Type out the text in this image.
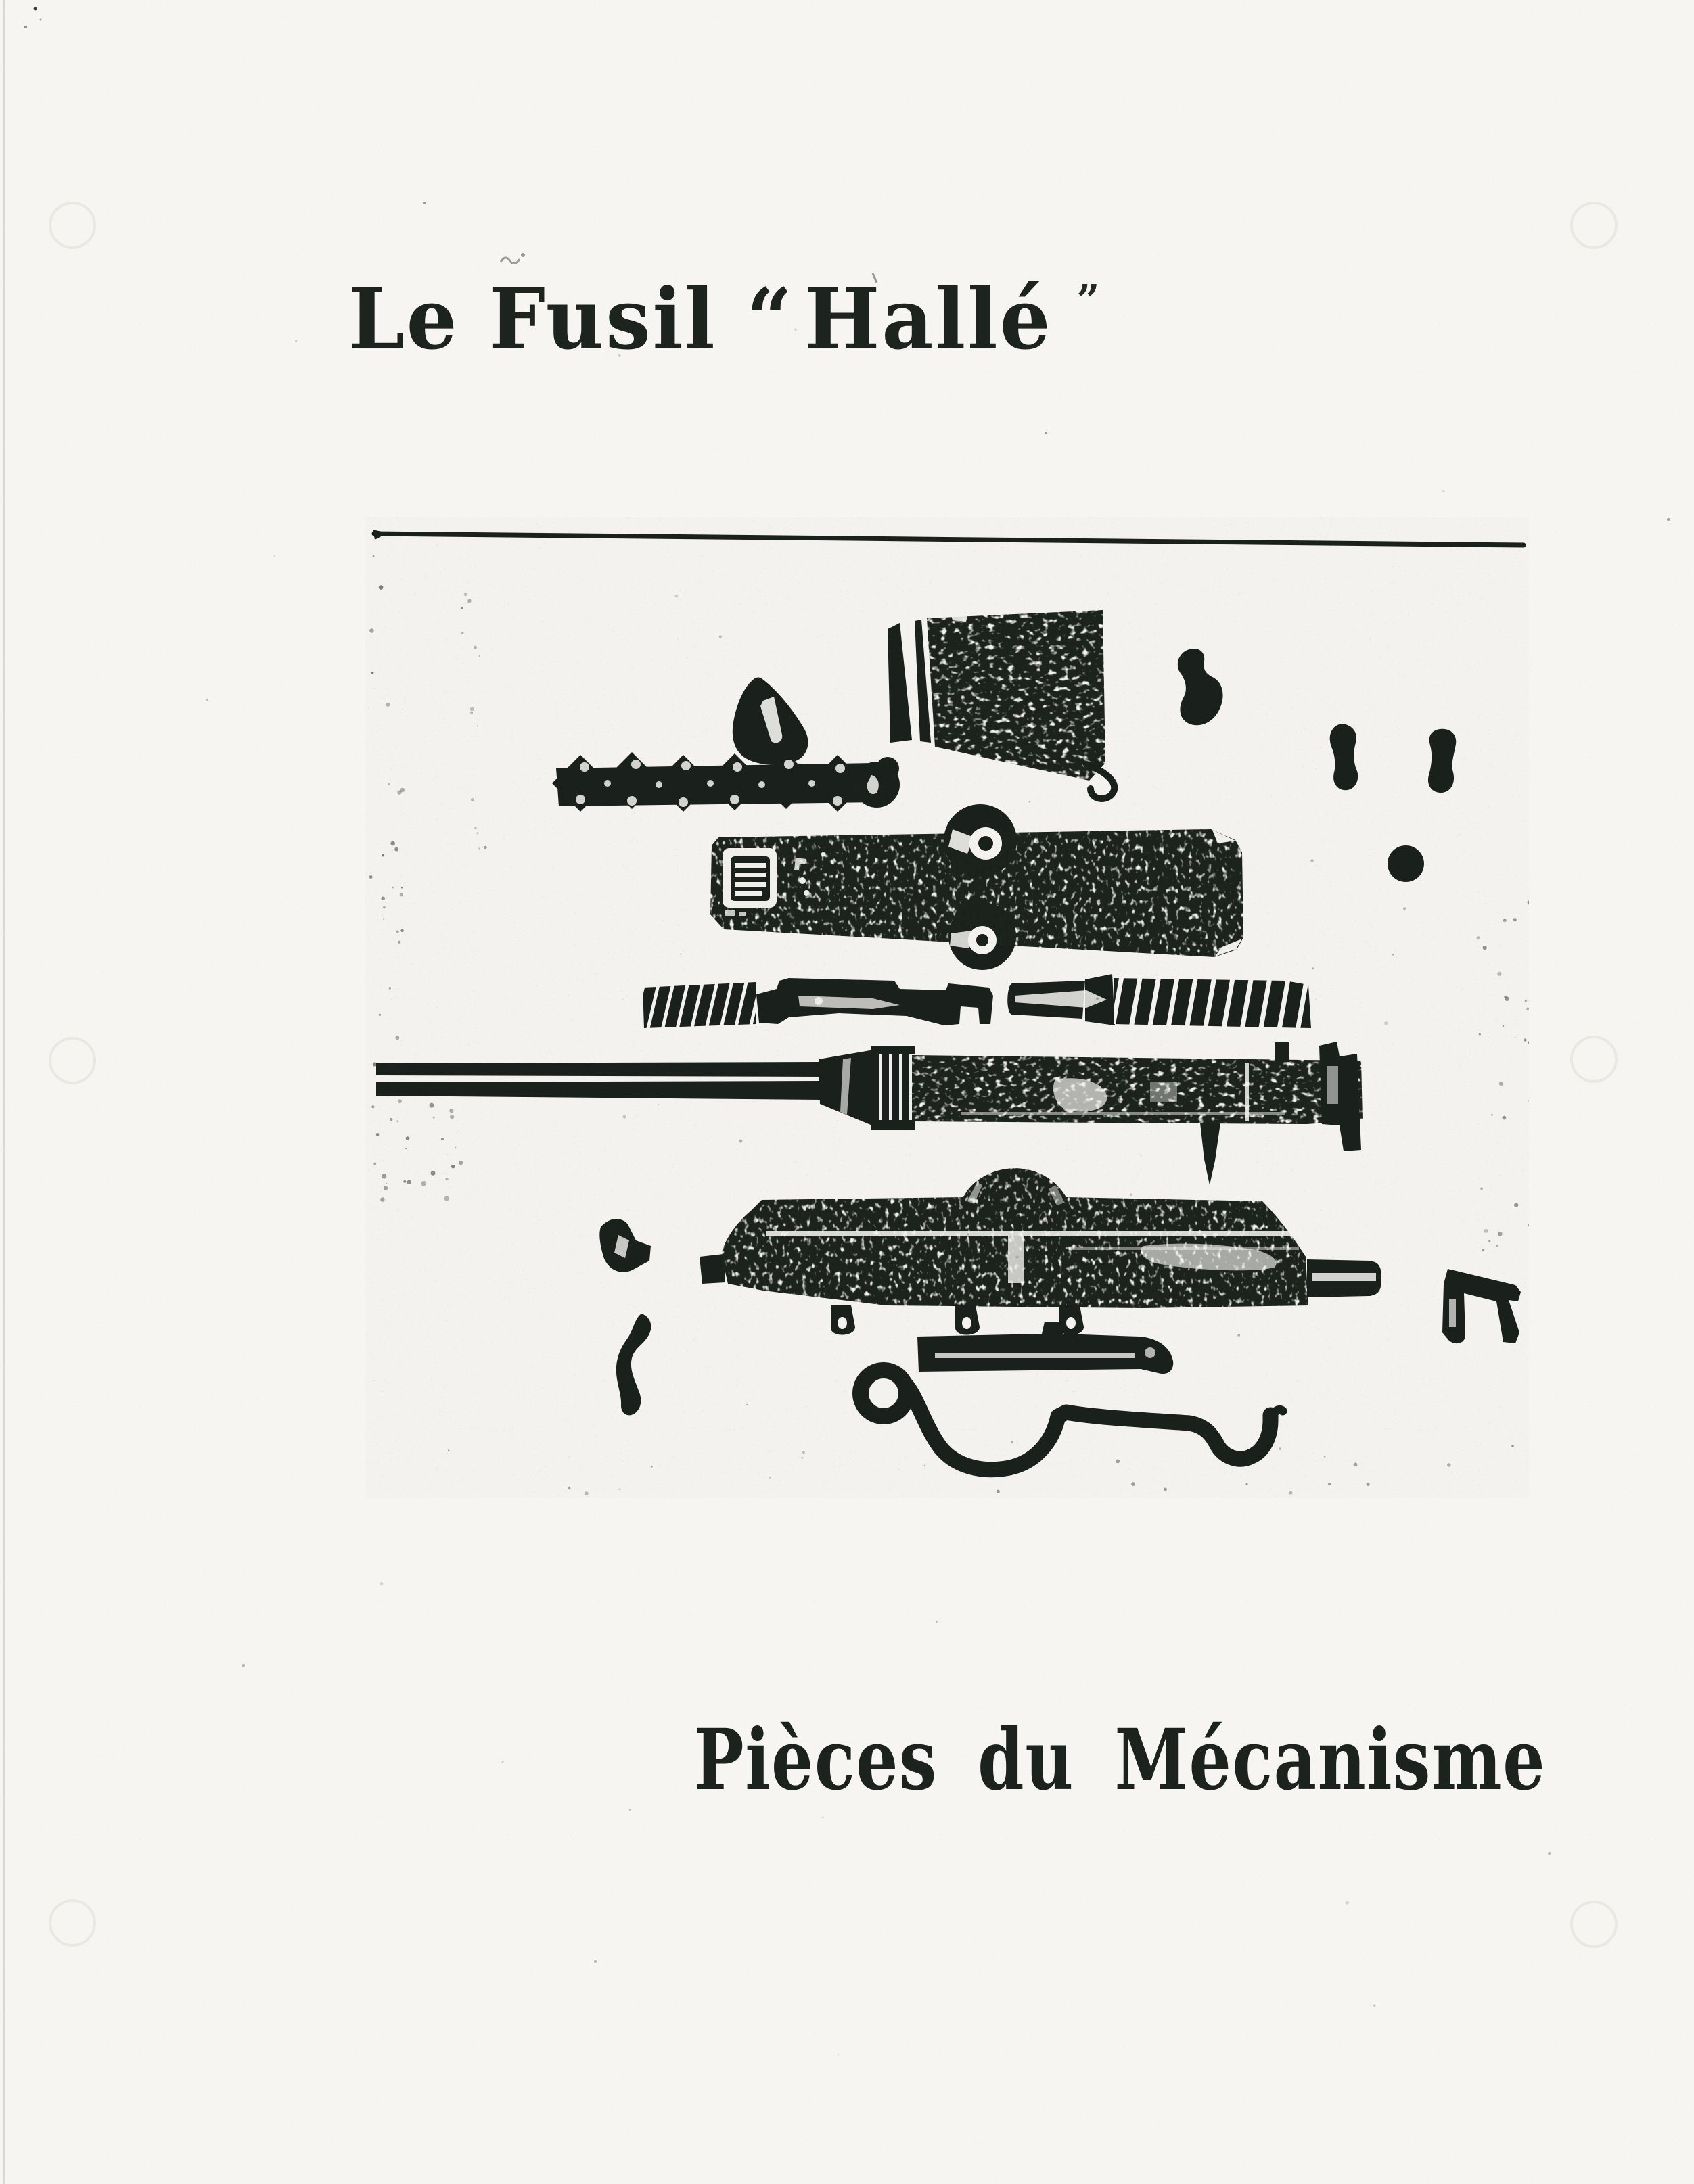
Le Fusil “ Hallé ”
Pièces du Mécanisme
